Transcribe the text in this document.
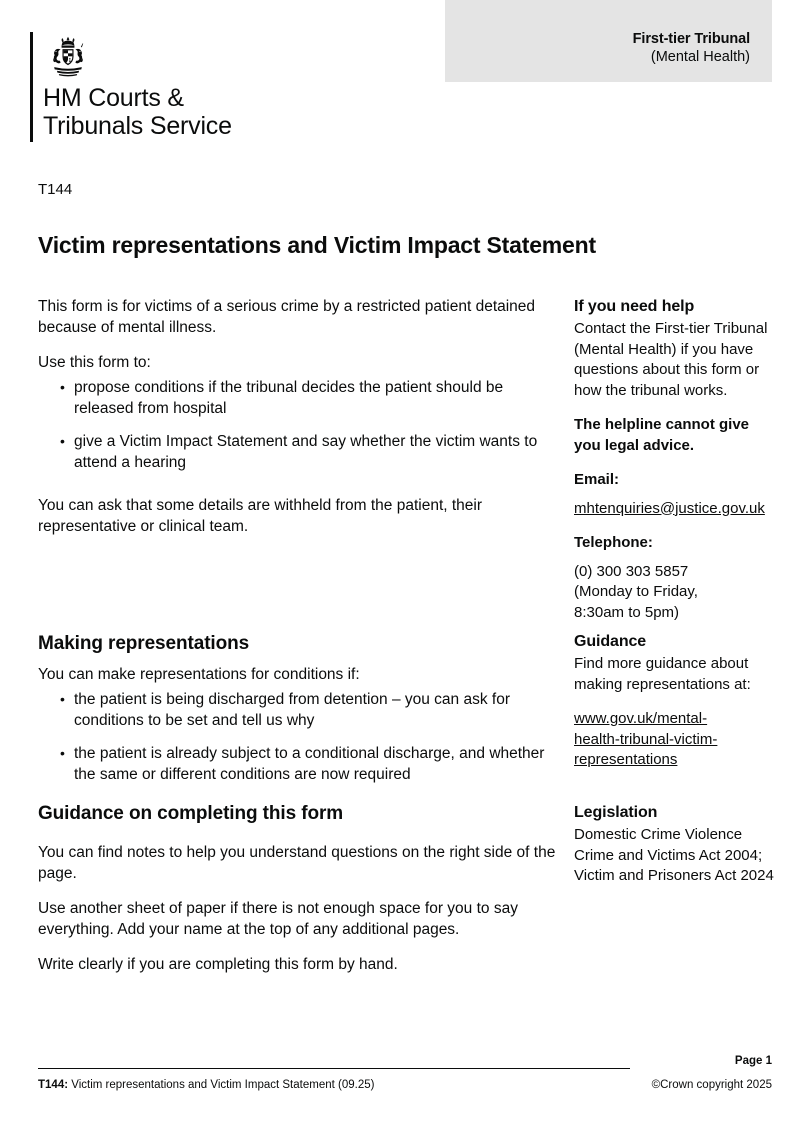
First-tier Tribunal
(Mental Health)
HM Courts &
Tribunals Service
T144
Victim representations and Victim Impact Statement

This form is for victims of a serious crime by a restricted patient detained because of mental illness.

Use this form to:

• propose conditions if the tribunal decides the patient should be released from hospital
• give a Victim Impact Statement and say whether the victim wants to attend a hearing

You can ask that some details are withheld from the patient, their representative or clinical team.

Making representations

You can make representations for conditions if:

• the patient is being discharged from detention – you can ask for conditions to be set and tell us why
• the patient is already subject to a conditional discharge, and whether the same or different conditions are now required
Guidance on completing this form

You can find notes to help you understand questions on the right side of the page.

Use another sheet of paper if there is not enough space for you to say everything. Add your name at the top of any additional pages.

Write clearly if you are completing this form by hand.

If you need help

Contact the First-tier Tribunal (Mental Health) if you have questions about this form or how the tribunal works.

The helpline cannot give you legal advice.
Email:
mhtenquiries@justice.gov.uk
Telephone:

(0) 300 303 5857
(Monday to Friday,
8:30am to 5pm)

Guidance

Find more guidance about making representations at:

www.gov.uk/mental-
health-tribunal-victim-
representations
Legislation

Domestic Crime Violence Crime and Victims Act 2004; Victim and Prisoners Act 2024

Page 1
T144: Victim representations and Victim Impact Statement (09.25)	©Crown copyright 2025
